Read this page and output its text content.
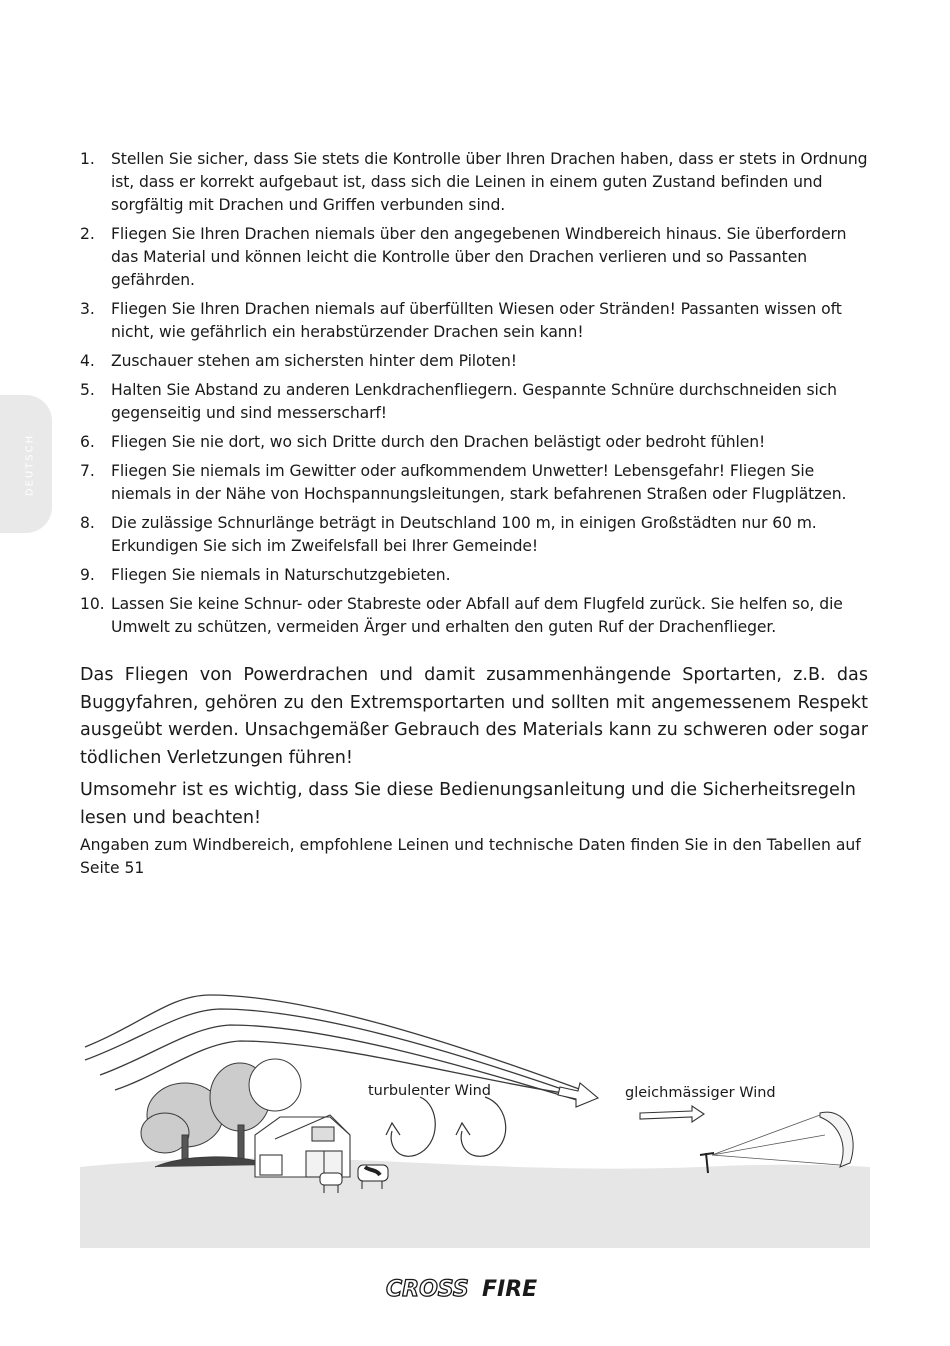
DEUTSCH
1. Stellen Sie sicher, dass Sie stets die Kontrolle über Ihren Drachen haben, dass er stets in Ordnung ist, dass er korrekt aufgebaut ist, dass sich die Leinen in einem guten Zustand befinden und sorgfältig mit Drachen und Griffen verbunden sind.
2. Fliegen Sie Ihren Drachen niemals über den angegebenen Windbereich hinaus. Sie überfordern das Material und können leicht die Kontrolle über den Drachen verlieren und so Passanten gefährden.
3. Fliegen Sie Ihren Drachen niemals auf überfüllten Wiesen oder Stränden! Passanten wissen oft nicht, wie gefährlich ein herabstürzender Drachen sein kann!
4. Zuschauer stehen am sichersten hinter dem Piloten!
5. Halten Sie Abstand zu anderen Lenkdrachenfliegern. Gespannte Schnüre durchschneiden sich gegenseitig und sind messerscharf!
6. Fliegen Sie nie dort, wo sich Dritte durch den Drachen belästigt oder bedroht fühlen!
7. Fliegen Sie niemals im Gewitter oder aufkommendem Unwetter! Lebensgefahr! Fliegen Sie niemals in der Nähe von Hochspannungsleitungen, stark befahrenen Straßen oder Flugplätzen.
8. Die zulässige Schnurlänge beträgt in Deutschland 100 m, in einigen Großstädten nur 60 m. Erkundigen Sie sich im Zweifelsfall bei Ihrer Gemeinde!
9. Fliegen Sie niemals in Naturschutzgebieten.
10. Lassen Sie keine Schnur- oder Stabreste oder Abfall auf dem Flugfeld zurück. Sie helfen so, die Umwelt zu schützen, vermeiden Ärger und erhalten den guten Ruf der Drachenflieger.

Das Fliegen von Powerdrachen und damit zusammenhängende Sportarten, z.B. das Buggyfahren, gehören zu den Extremsportarten und sollten mit angemessenem Respekt ausgeübt werden. Unsachgemäßer Gebrauch des Materials kann zu schweren oder sogar tödlichen Verletzungen führen!

Umsomehr ist es wichtig, dass Sie diese Bedienungsanleitung und die Sicherheitsregeln lesen und beachten!

Angaben zum Windbereich, empfohlene Leinen und technische Daten finden Sie in den Tabellen auf Seite 51

turbulenter Wind	gleichmässiger Wind
CROSS FIRE
